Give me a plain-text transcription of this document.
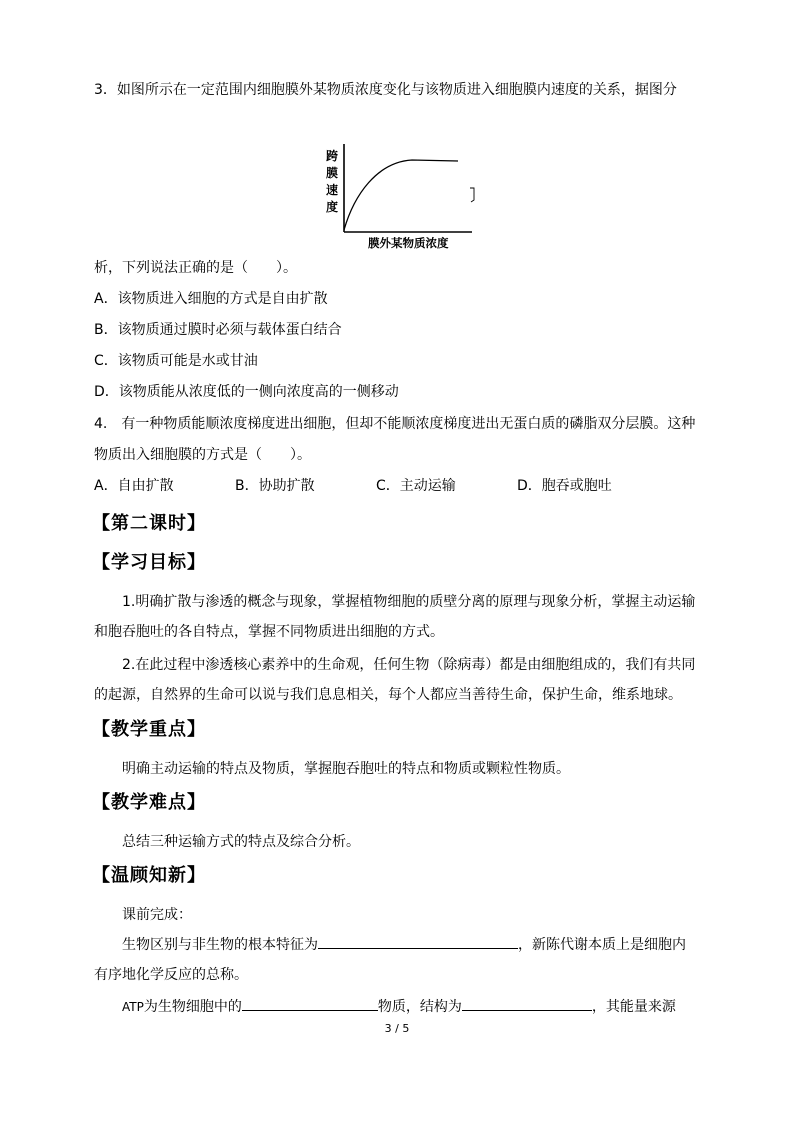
3．如图所示在一定范围内细胞膜外某物质浓度变化与该物质进入细胞膜内速度的关系，据图分
跨
膜
速
度
膜外某物质浓度
析，下列说法正确的是（　　）。
A．该物质进入细胞的方式是自由扩散
B．该物质通过膜时必须与载体蛋白结合
C．该物质可能是水或甘油
D．该物质能从浓度低的一侧向浓度高的一侧移动
4.　有一种物质能顺浓度梯度进出细胞，但却不能顺浓度梯度进出无蛋白质的磷脂双分层膜。这种
物质出入细胞膜的方式是（　　）。
A．自由扩散	B．协助扩散	C．主动运输	D．胞吞或胞吐
【第二课时】
【学习目标】
1.明确扩散与渗透的概念与现象，掌握植物细胞的质壁分离的原理与现象分析，掌握主动运输和胞吞胞吐的各自特点，掌握不同物质进出细胞的方式。
2.在此过程中渗透核心素养中的生命观，任何生物（除病毒）都是由细胞组成的，我们有共同的起源，自然界的生命可以说与我们息息相关，每个人都应当善待生命，保护生命，维系地球。
【教学重点】
明确主动运输的特点及物质，掌握胞吞胞吐的特点和物质或颗粒性物质。
【教学难点】
总结三种运输方式的特点及综合分析。
【温顾知新】
课前完成：
生物区别与非生物的根本特征为	，新陈代谢本质上是细胞内
有序地化学反应的总称。
ATP为生物细胞中的	物质，结构为	，其能量来源
3 / 5
